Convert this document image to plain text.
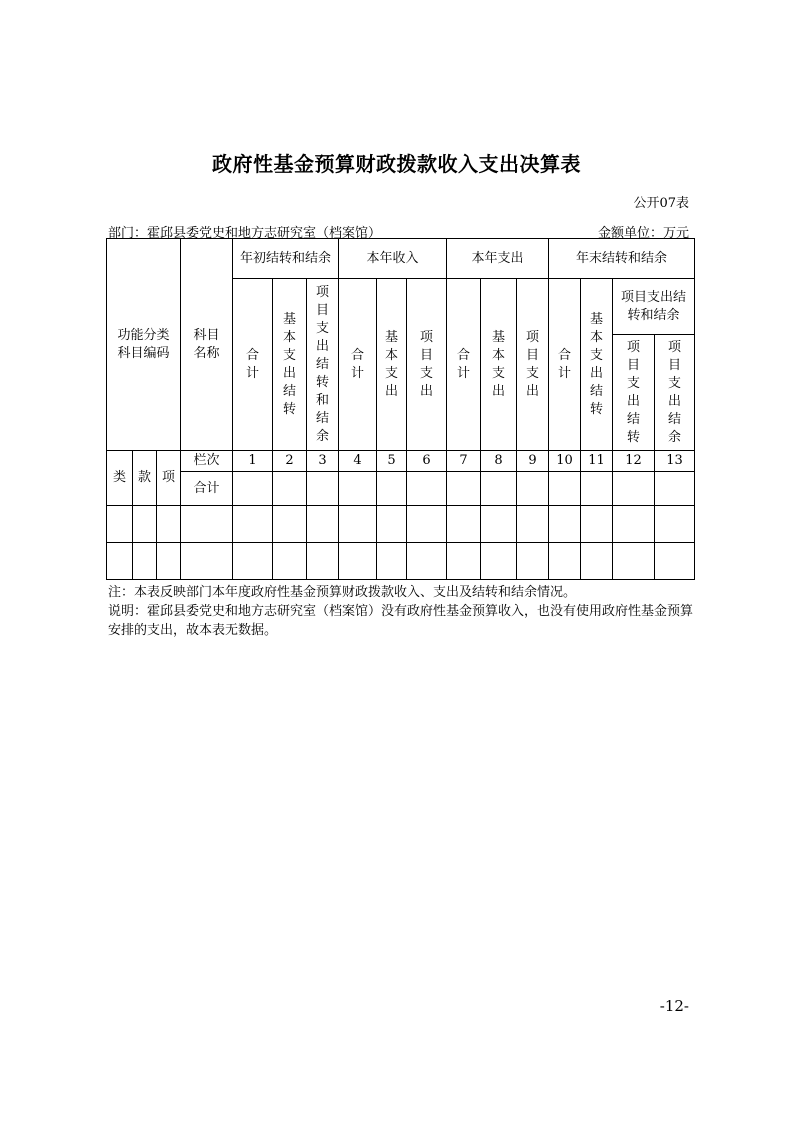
政府性基金预算财政拨款收入支出决算表
公开07表
部门：霍邱县委党史和地方志研究室（档案馆）	金额单位：万元
功能分类科目编码			科目名称	年初结转和结余			本年收入			本年支出			年末结转和结余			
				合计	基本支出结转	项目支出结转和结余	合计	基本支出	项目支出	合计	基本支出	项目支出	合计	基本支出结转	项目支出结转和结余	
															项目支出结转	项目支出结余
类	款	项	栏次	1	2	3	4	5	6	7	8	9	10	11	12	13
			合计													

注：本表反映部门本年度政府性基金预算财政拨款收入、支出及结转和结余情况。
说明：霍邱县委党史和地方志研究室（档案馆）没有政府性基金预算收入，也没有使用政府性基金预算安排的支出，故本表无数据。
-12-
